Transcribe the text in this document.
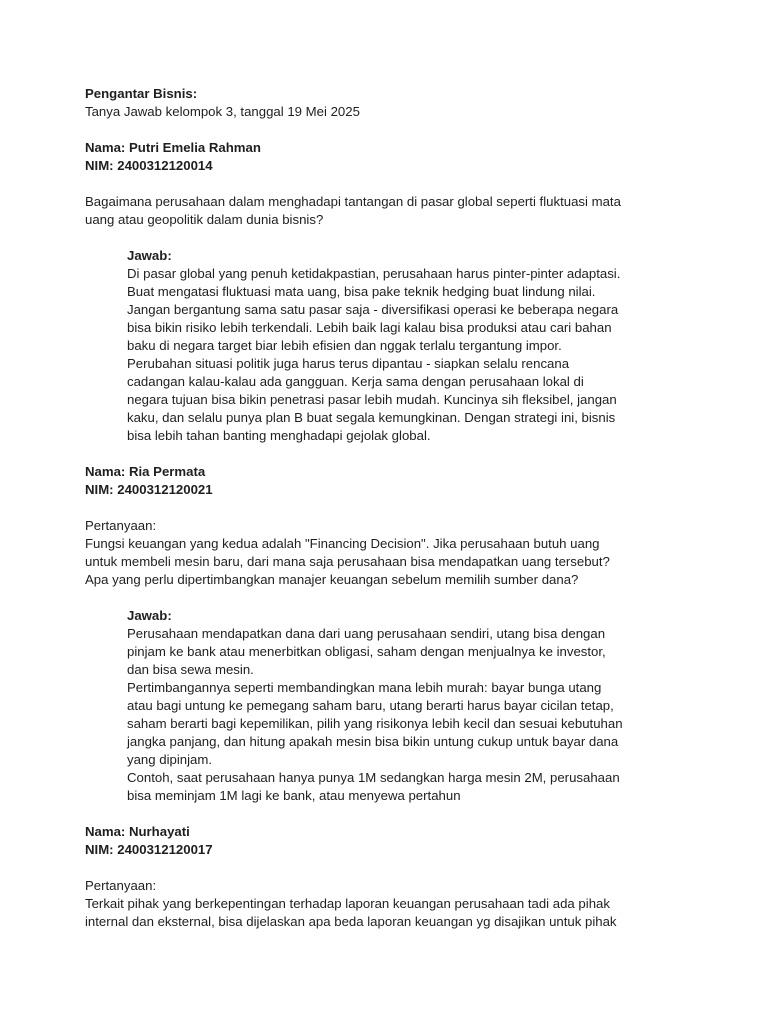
Pengantar Bisnis:
Tanya Jawab kelompok 3, tanggal 19 Mei 2025
Nama: Putri Emelia Rahman
NIM: 2400312120014
Bagaimana perusahaan dalam menghadapi tantangan di pasar global seperti fluktuasi mata
uang atau geopolitik dalam dunia bisnis?
Jawab:
Di pasar global yang penuh ketidakpastian, perusahaan harus pinter-pinter adaptasi.
Buat mengatasi fluktuasi mata uang, bisa pake teknik hedging buat lindung nilai.
Jangan bergantung sama satu pasar saja - diversifikasi operasi ke beberapa negara
bisa bikin risiko lebih terkendali. Lebih baik lagi kalau bisa produksi atau cari bahan
baku di negara target biar lebih efisien dan nggak terlalu tergantung impor.
Perubahan situasi politik juga harus terus dipantau - siapkan selalu rencana
cadangan kalau-kalau ada gangguan. Kerja sama dengan perusahaan lokal di
negara tujuan bisa bikin penetrasi pasar lebih mudah. Kuncinya sih fleksibel, jangan
kaku, dan selalu punya plan B buat segala kemungkinan. Dengan strategi ini, bisnis
bisa lebih tahan banting menghadapi gejolak global.
Nama: Ria Permata
NIM: 2400312120021
Pertanyaan:
Fungsi keuangan yang kedua adalah "Financing Decision". Jika perusahaan butuh uang
untuk membeli mesin baru, dari mana saja perusahaan bisa mendapatkan uang tersebut?
Apa yang perlu dipertimbangkan manajer keuangan sebelum memilih sumber dana?
Jawab:
Perusahaan mendapatkan dana dari uang perusahaan sendiri, utang bisa dengan
pinjam ke bank atau menerbitkan obligasi, saham dengan menjualnya ke investor,
dan bisa sewa mesin.
Pertimbangannya seperti membandingkan mana lebih murah: bayar bunga utang
atau bagi untung ke pemegang saham baru, utang berarti harus bayar cicilan tetap,
saham berarti bagi kepemilikan, pilih yang risikonya lebih kecil dan sesuai kebutuhan
jangka panjang, dan hitung apakah mesin bisa bikin untung cukup untuk bayar dana
yang dipinjam.
Contoh, saat perusahaan hanya punya 1M sedangkan harga mesin 2M, perusahaan
bisa meminjam 1M lagi ke bank, atau menyewa pertahun
Nama: Nurhayati
NIM: 2400312120017
Pertanyaan:
Terkait pihak yang berkepentingan terhadap laporan keuangan perusahaan tadi ada pihak
internal dan eksternal, bisa dijelaskan apa beda laporan keuangan yg disajikan untuk pihak
